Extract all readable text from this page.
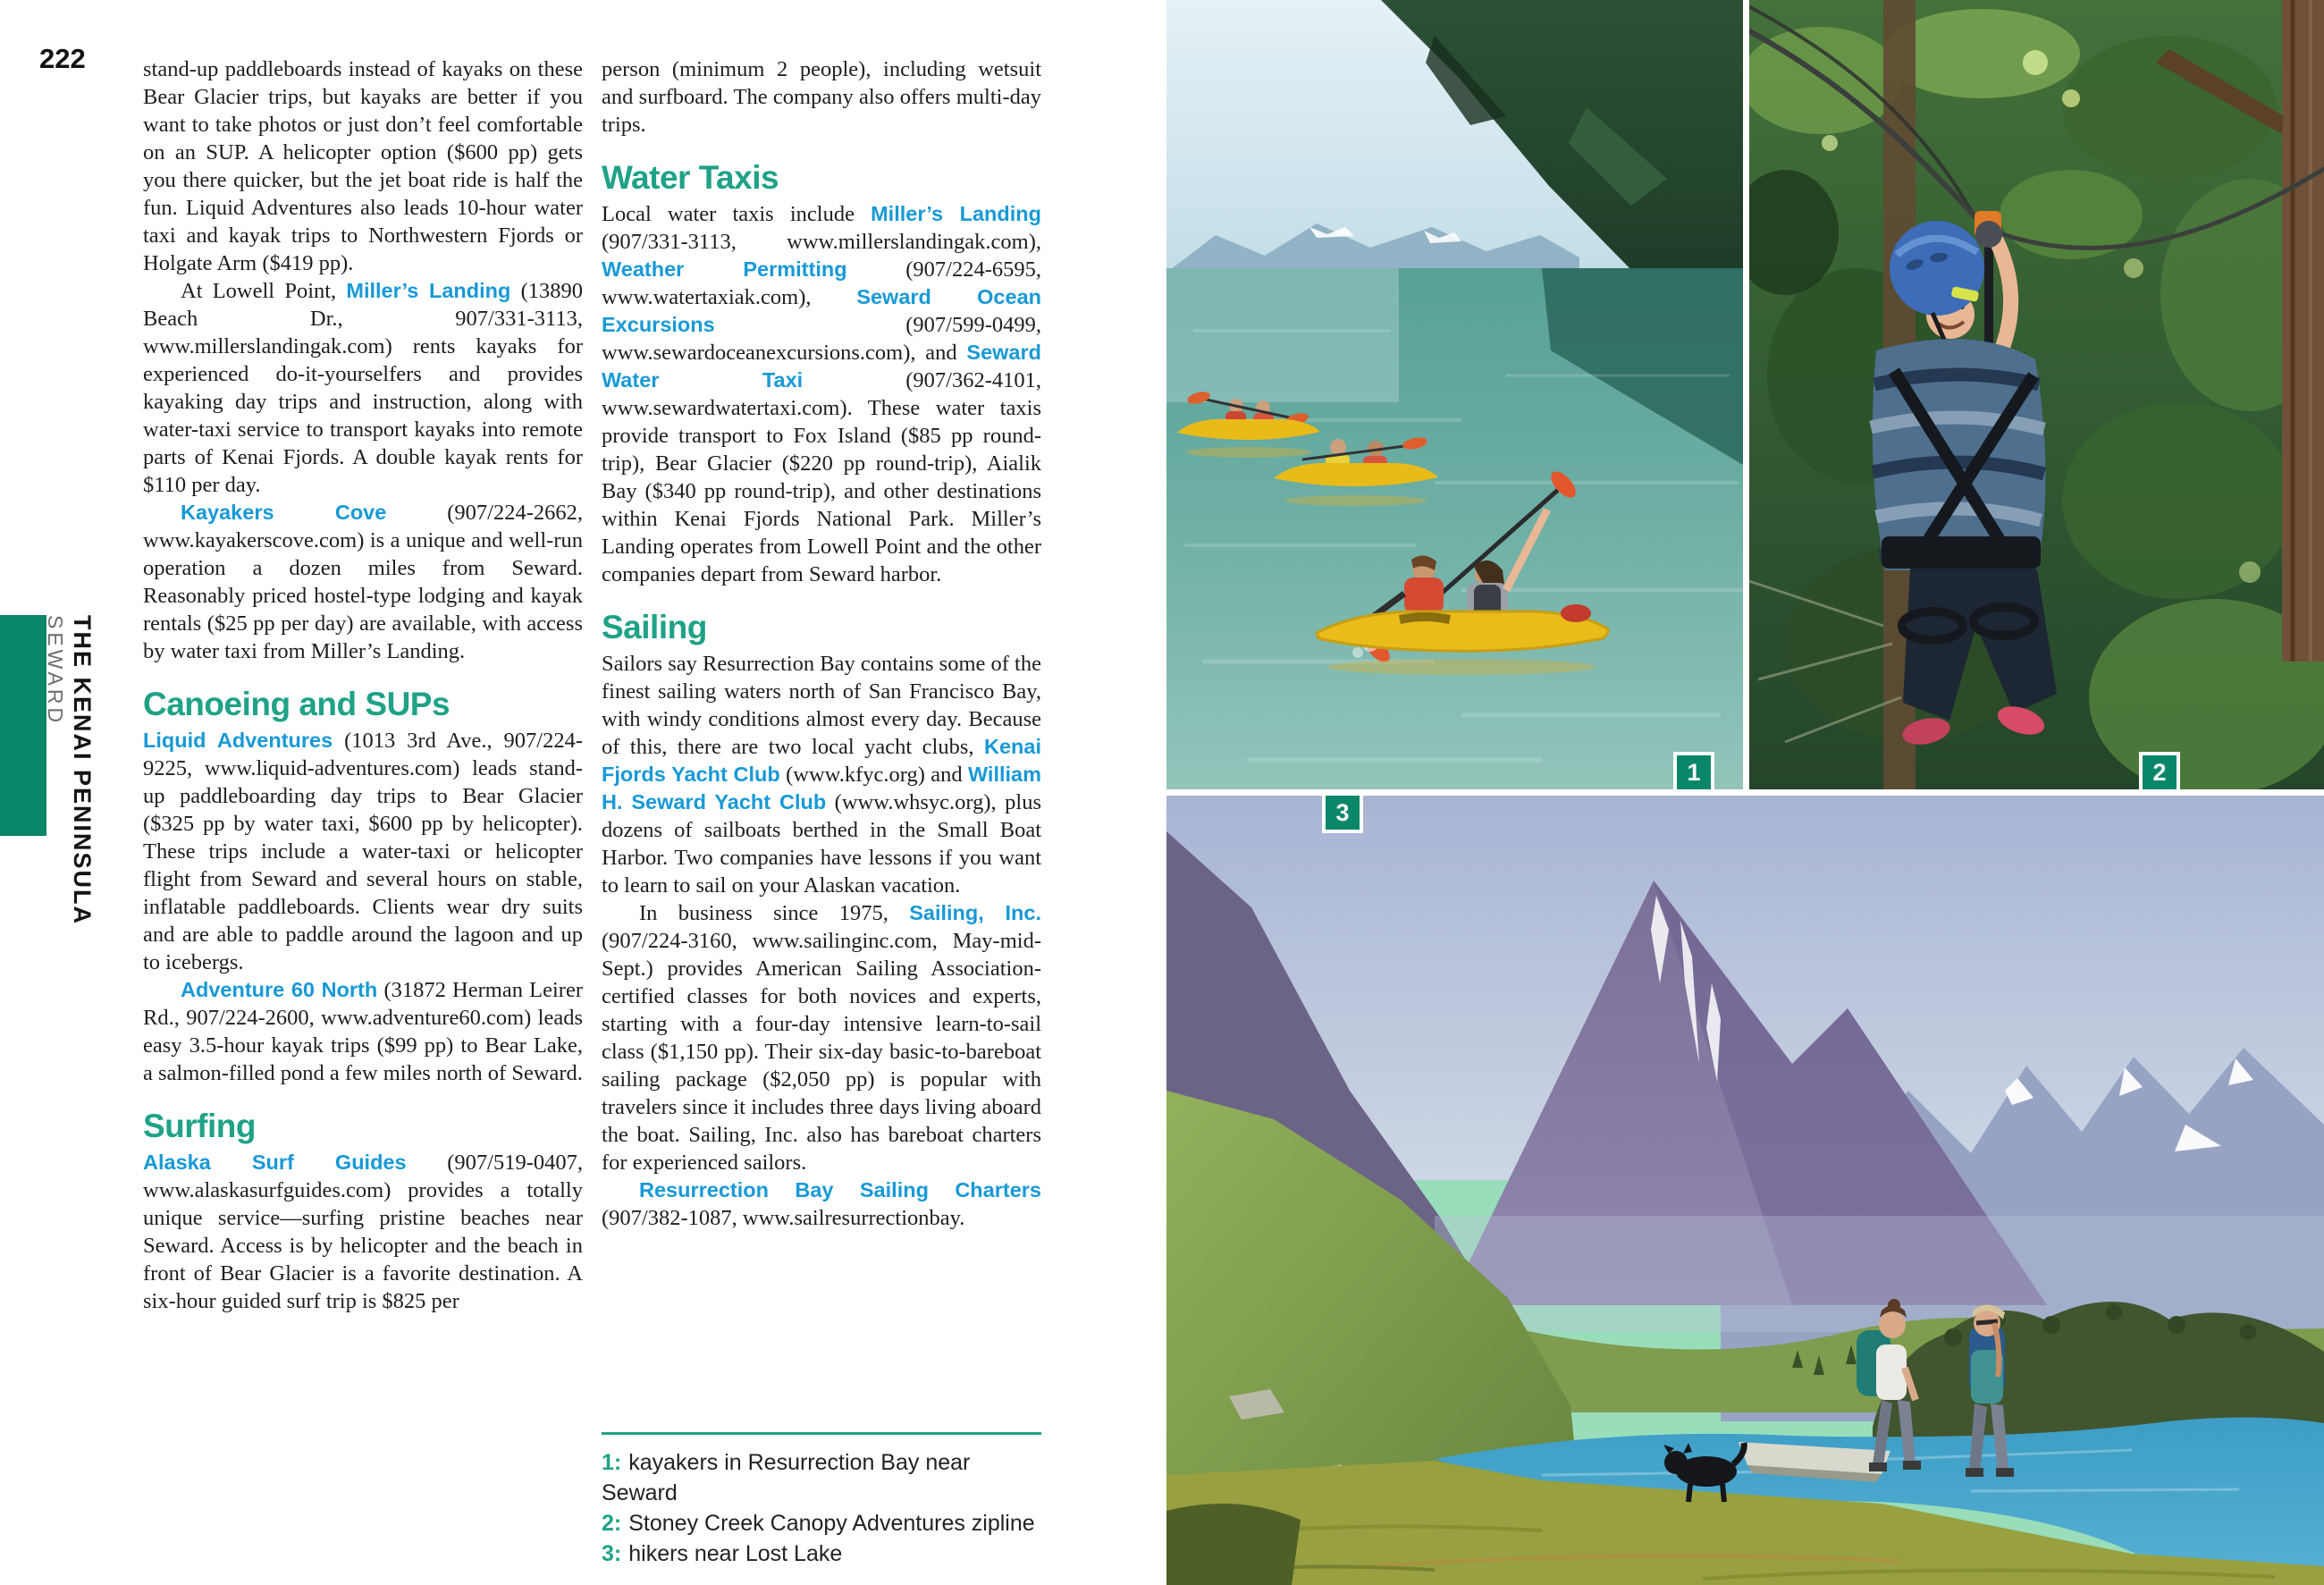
222
SEWARD THE KENAI PENINSULA

stand-up paddleboards instead of kayaks on these Bear Glacier trips, but kayaks are better if you want to take photos or just don’t feel comfortable on an SUP. A helicopter option ($600 pp) gets you there quicker, but the jet boat ride is half the fun. Liquid Adventures also leads 10-hour water taxi and kayak trips to Northwestern Fjords or Holgate Arm ($419 pp).

At Lowell Point, Miller’s Landing (13890 Beach Dr., 907/331-3113, www.millerslandingak.com) rents kayaks for experienced do-it-yourselfers and provides kayaking day trips and instruction, along with water-taxi service to transport kayaks into remote parts of Kenai Fjords. A double kayak rents for $110 per day.

Kayakers Cove (907/224-2662, www.kayakerscove.com) is a unique and well-run operation a dozen miles from Seward. Reasonably priced hostel-type lodging and kayak rentals ($25 pp per day) are available, with access by water taxi from Miller’s Landing.

Canoeing and SUPs

Liquid Adventures (1013 3rd Ave., 907/224-9225, www.liquid-adventures.com) leads stand-up paddleboarding day trips to Bear Glacier ($325 pp by water taxi, $600 pp by helicopter). These trips include a water-taxi or helicopter flight from Seward and several hours on stable, inflatable paddleboards. Clients wear dry suits and are able to paddle around the lagoon and up to icebergs.

Adventure 60 North (31872 Herman Leirer Rd., 907/224-2600, www.adventure60.com) leads easy 3.5-hour kayak trips ($99 pp) to Bear Lake, a salmon-filled pond a few miles north of Seward.

Surfing

Alaska Surf Guides (907/519-0407, www.alaskasurfguides.com) provides a totally unique service—surfing pristine beaches near Seward. Access is by helicopter and the beach in front of Bear Glacier is a favorite destination. A six-hour guided surf trip is $825 per

person (minimum 2 people), including wetsuit and surfboard. The company also offers multi-day trips.

Water Taxis

Local water taxis include Miller’s Landing (907/331-3113, www.millerslandingak.com), Weather Permitting (907/224-6595, www.watertaxiak.com), Seward Ocean Excursions (907/599-0499, www.sewardoceanexcursions.com), and Seward Water Taxi (907/362-4101, www.sewardwatertaxi.com). These water taxis provide transport to Fox Island ($85 pp round-trip), Bear Glacier ($220 pp round-trip), Aialik Bay ($340 pp round-trip), and other destinations within Kenai Fjords National Park. Miller’s Landing operates from Lowell Point and the other companies depart from Seward harbor.

Sailing

Sailors say Resurrection Bay contains some of the finest sailing waters north of San Francisco Bay, with windy conditions almost every day. Because of this, there are two local yacht clubs, Kenai Fjords Yacht Club (www.kfyc.org) and William H. Seward Yacht Club (www.whsyc.org), plus dozens of sailboats berthed in the Small Boat Harbor. Two companies have lessons if you want to learn to sail on your Alaskan vacation.

In business since 1975, Sailing, Inc. (907/224-3160, www.sailinginc.com, May-mid-Sept.) provides American Sailing Association-certified classes for both novices and experts, starting with a four-day intensive learn-to-sail class ($1,150 pp). Their six-day basic-to-bareboat sailing package ($2,050 pp) is popular with travelers since it includes three days living aboard the boat. Sailing, Inc. also has bareboat charters for experienced sailors.

Resurrection Bay Sailing Charters (907/382-1087, www.sailresurrectionbay.

1: kayakers in Resurrection Bay near Seward

2: Stoney Creek Canopy Adventures zipline

3: hikers near Lost Lake

1	2
3
